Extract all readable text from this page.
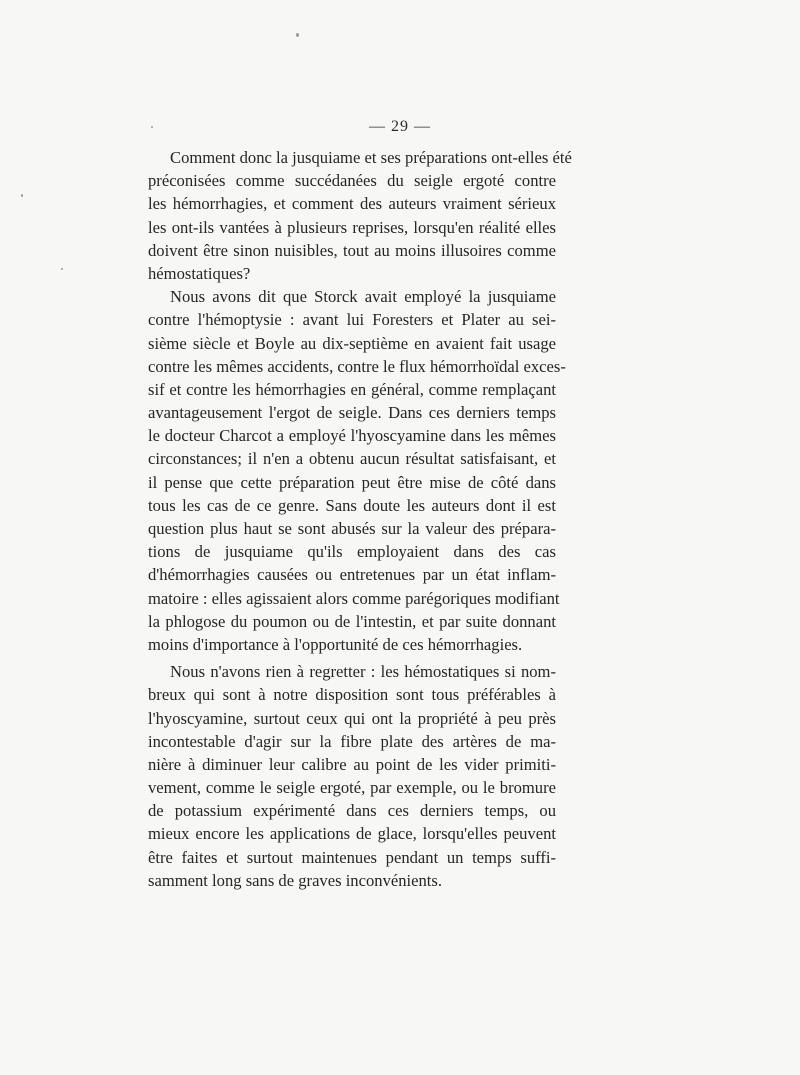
— 29 —
Comment donc la jusquiame et ses préparations ont-elles été
préconisées comme succédanées du seigle ergoté contre
les hémorrhagies, et comment des auteurs vraiment sérieux
les ont-ils vantées à plusieurs reprises, lorsqu'en réalité elles
doivent être sinon nuisibles, tout au moins illusoires comme
hémostatiques?
Nous avons dit que Storck avait employé la jusquiame
contre l'hémoptysie : avant lui Foresters et Plater au sei-
sième siècle et Boyle au dix-septième en avaient fait usage
contre les mêmes accidents, contre le flux hémorrhoïdal exces-
sif et contre les hémorrhagies en général, comme remplaçant
avantageusement l'ergot de seigle. Dans ces derniers temps
le docteur Charcot a employé l'hyoscyamine dans les mêmes
circonstances; il n'en a obtenu aucun résultat satisfaisant, et
il pense que cette préparation peut être mise de côté dans
tous les cas de ce genre. Sans doute les auteurs dont il est
question plus haut se sont abusés sur la valeur des prépara-
tions de jusquiame qu'ils employaient dans des cas
d'hémorrhagies causées ou entretenues par un état inflam-
matoire : elles agissaient alors comme parégoriques modifiant
la phlogose du poumon ou de l'intestin, et par suite donnant
moins d'importance à l'opportunité de ces hémorrhagies.
Nous n'avons rien à regretter : les hémostatiques si nom-
breux qui sont à notre disposition sont tous préférables à
l'hyoscyamine, surtout ceux qui ont la propriété à peu près
incontestable d'agir sur la fibre plate des artères de ma-
nière à diminuer leur calibre au point de les vider primiti-
vement, comme le seigle ergoté, par exemple, ou le bromure
de potassium expérimenté dans ces derniers temps, ou
mieux encore les applications de glace, lorsqu'elles peuvent
être faites et surtout maintenues pendant un temps suffi-
samment long sans de graves inconvénients.
